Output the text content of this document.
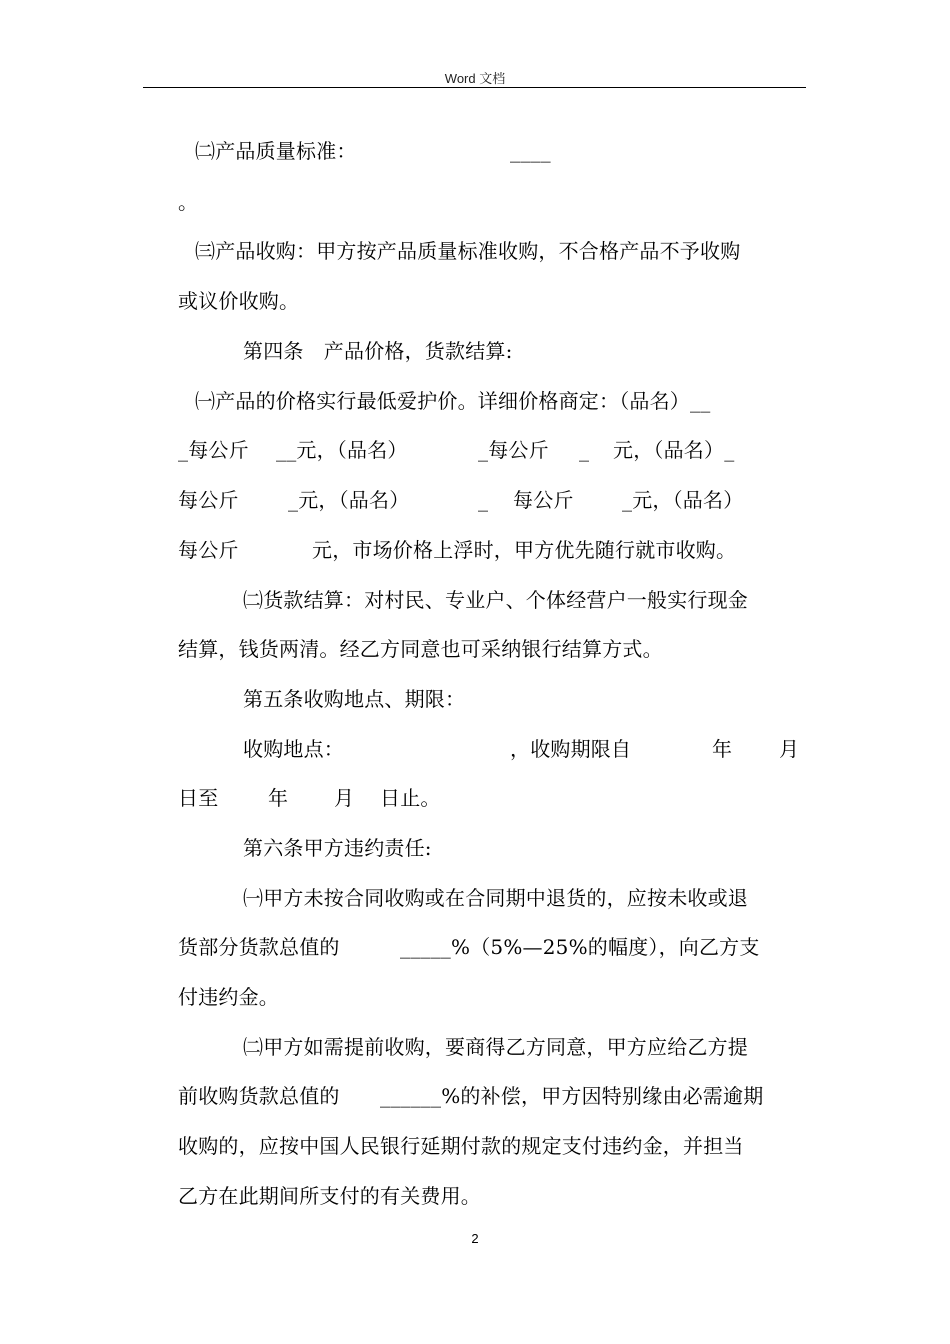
Word 文档

㈡产品质量标准：

	____

。

㈢产品收购：甲方按产品质量标准收购，不合格产品不予收购

或议价收购。

第四条　产品价格，货款结算:

㈠产品的价格实行最低爱护价。详细价格商定：（品名）__

_每公斤

__元，（品名）

	_每公斤

_

元，（品名）_

每公斤

_元，（品名）

	_

每公斤

_元，（品名）

每公斤

	元，市场价格上浮时，甲方优先随行就市收购。

㈡货款结算：对村民、专业户、个体经营户一般实行现金

结算，钱货两清。经乙方同意也可采纳银行结算方式。

第五条收购地点、期限：

收购地点：

	，收购期限自

	年

月

日至

年

月

日止。

第六条甲方违约责任:

㈠甲方未按合同收购或在合同期中退货的，应按未收或退

货部分货款总值的

	_____%（5%—25%的幅度），向乙方支

付违约金。

㈡甲方如需提前收购，要商得乙方同意，甲方应给乙方提

前收购货款总值的

______%的补偿，甲方因特别缘由必需逾期

收购的，应按中国人民银行延期付款的规定支付违约金，并担当

乙方在此期间所支付的有关费用。

2
